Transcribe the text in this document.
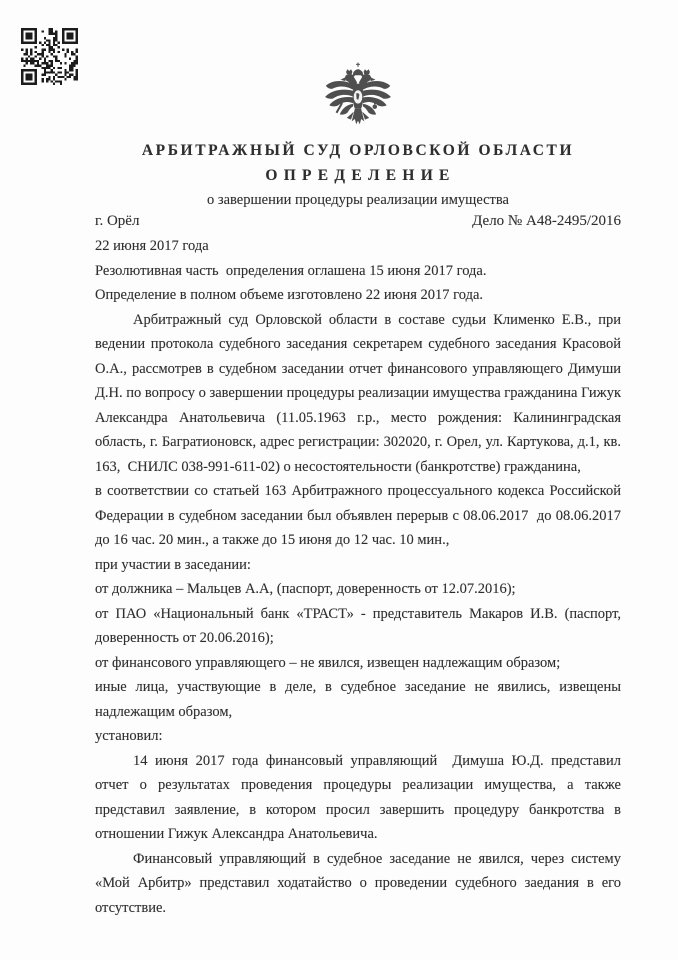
АРБИТРАЖНЫЙ СУД ОРЛОВСКОЙ ОБЛАСТИ
О П Р Е Д Е Л Е Н И Е
о завершении процедуры реализации имущества
г. Орёл	Дело № А48-2495/2016

22 июня 2017 года

Резолютивная часть  определения оглашена 15 июня 2017 года.

Определение в полном объеме изготовлено 22 июня 2017 года.

Арбитражный суд Орловской области в составе судьи Клименко Е.В., при ведении протокола судебного заседания секретарем судебного заседания Красовой О.А., рассмотрев в судебном заседании отчет финансового управляющего Димуши Д.Н. по вопросу о завершении процедуры реализации имущества гражданина Гижук Александра Анатольевича (11.05.1963 г.р., место рождения: Калининградская область, г. Багратионовск, адрес регистрации: 302020, г. Орел, ул. Картукова, д.1, кв. 163,  СНИЛС 038-991-611-02) о несостоятельности (банкротстве) гражданина,

в соответствии со статьей 163 Арбитражного процессуального кодекса Российской Федерации в судебном заседании был объявлен перерыв с 08.06.2017  до 08.06.2017 до 16 час. 20 мин., а также до 15 июня до 12 час. 10 мин.,

при участии в заседании:

от должника – Мальцев А.А, (паспорт, доверенность от 12.07.2016);

от ПАО «Национальный банк «ТРАСТ» - представитель Макаров И.В. (паспорт, доверенность от 20.06.2016);

от финансового управляющего – не явился, извещен надлежащим образом;

иные лица, участвующие в деле, в судебное заседание не явились, извещены надлежащим образом,

установил:

14 июня 2017 года финансовый управляющий  Димуша Ю.Д. представил отчет о результатах проведения процедуры реализации имущества, а также представил заявление, в котором просил завершить процедуру банкротства в отношении Гижук Александра Анатольевича.

Финансовый управляющий в судебное заседание не явился, через систему «Мой Арбитр» представил ходатайство о проведении судебного заедания в его отсутствие.
